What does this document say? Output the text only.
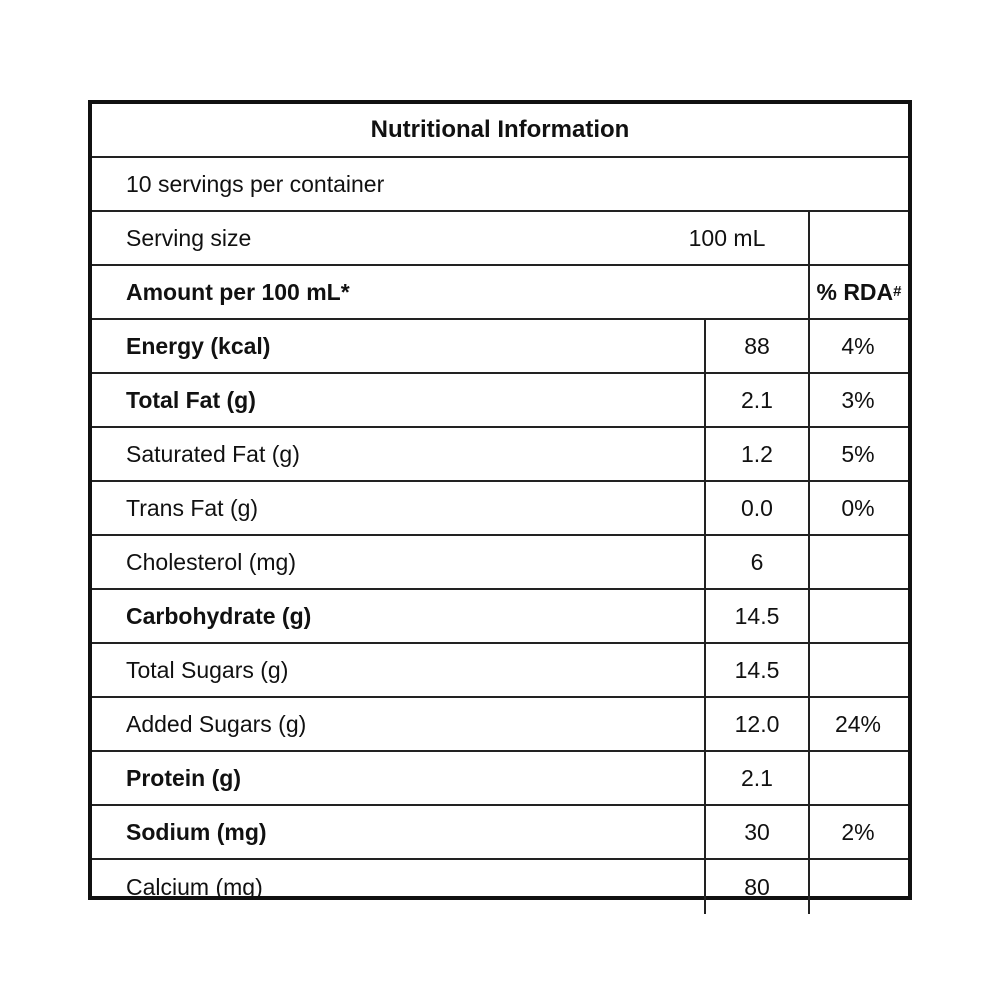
Nutritional Information
10 servings per container
Serving size	100 mL
Amount per 100 mL*	% RDA #
Energy (kcal)	88	4%
Total Fat (g)	2.1	3%
Saturated Fat (g)	1.2	5%
Trans Fat (g)	0.0	0%
Cholesterol (mg)	6
Carbohydrate (g)	14.5
Total Sugars (g)	14.5
Added Sugars (g)	12.0	24%
Protein (g)	2.1
Sodium (mg)	30	2%
Calcium (mg)	80
